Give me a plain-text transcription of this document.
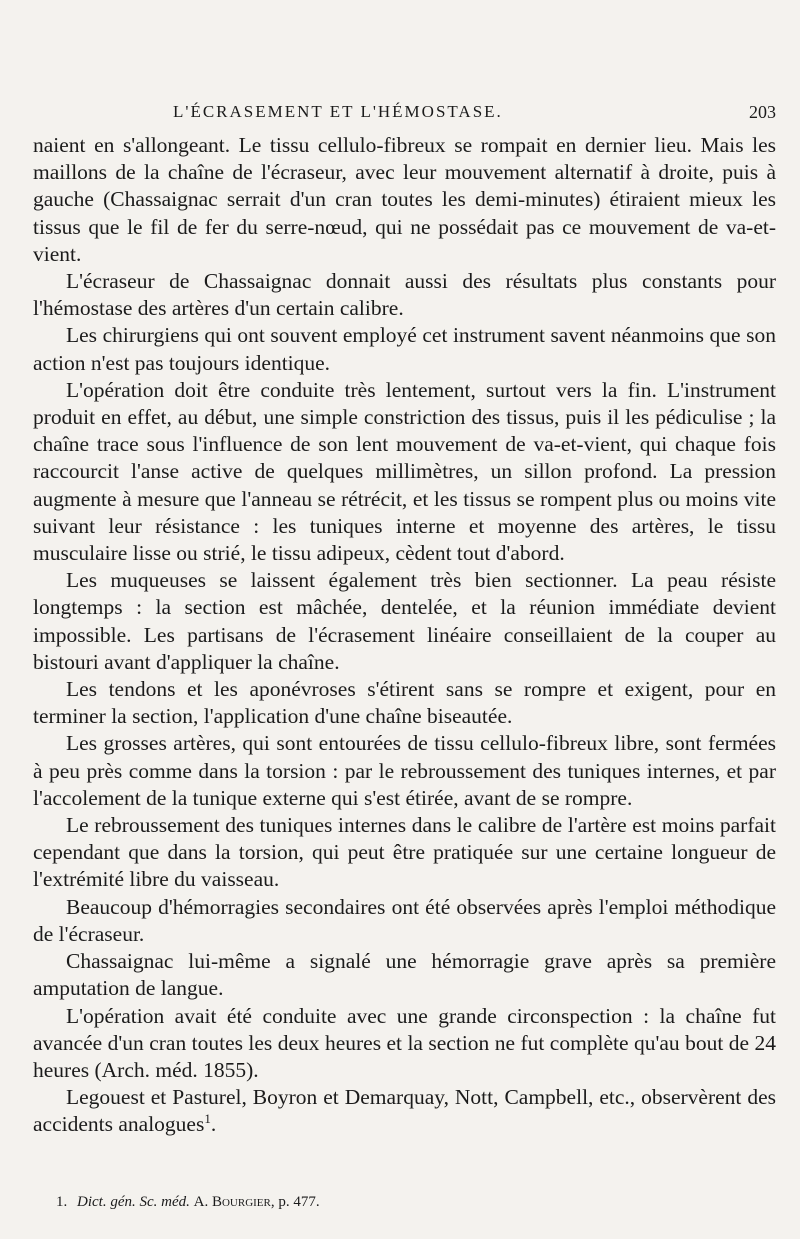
L'ÉCRASEMENT ET L'HÉMOSTASE.	203

naient en s'allongeant. Le tissu cellulo-fibreux se rompait en dernier lieu. Mais les maillons de la chaîne de l'écraseur, avec leur mouvement alternatif à droite, puis à gauche (Chassaignac serrait d'un cran toutes les demi-minutes) étiraient mieux les tissus que le fil de fer du serre-nœud, qui ne possédait pas ce mouvement de va-et-vient.

L'écraseur de Chassaignac donnait aussi des résultats plus constants pour l'hémostase des artères d'un certain calibre.

Les chirurgiens qui ont souvent employé cet instrument savent néanmoins que son action n'est pas toujours identique.

L'opération doit être conduite très lentement, surtout vers la fin. L'instrument produit en effet, au début, une simple constriction des tissus, puis il les pédiculise ; la chaîne trace sous l'influence de son lent mouvement de va-et-vient, qui chaque fois raccourcit l'anse active de quelques millimètres, un sillon profond. La pression augmente à mesure que l'anneau se rétrécit, et les tissus se rompent plus ou moins vite suivant leur résistance : les tuniques interne et moyenne des artères, le tissu musculaire lisse ou strié, le tissu adipeux, cèdent tout d'abord.

Les muqueuses se laissent également très bien sectionner. La peau résiste longtemps : la section est mâchée, dentelée, et la réunion immédiate devient impossible. Les partisans de l'écrasement linéaire conseillaient de la couper au bistouri avant d'appliquer la chaîne.

Les tendons et les aponévroses s'étirent sans se rompre et exigent, pour en terminer la section, l'application d'une chaîne biseautée.

Les grosses artères, qui sont entourées de tissu cellulo-fibreux libre, sont fermées à peu près comme dans la torsion : par le rebroussement des tuniques internes, et par l'accolement de la tunique externe qui s'est étirée, avant de se rompre.

Le rebroussement des tuniques internes dans le calibre de l'artère est moins parfait cependant que dans la torsion, qui peut être pratiquée sur une certaine longueur de l'extrémité libre du vaisseau.

Beaucoup d'hémorragies secondaires ont été observées après l'emploi méthodique de l'écraseur.

Chassaignac lui-même a signalé une hémorragie grave après sa première amputation de langue.

L'opération avait été conduite avec une grande circonspection : la chaîne fut avancée d'un cran toutes les deux heures et la section ne fut complète qu'au bout de 24 heures (Arch. méd. 1855).

Legouest et Pasturel, Boyron et Demarquay, Nott, Campbell, etc., observèrent des accidents analogues$^1$.

1. Dict. gén. Sc. méd. A. Bourgier, p. 477.
